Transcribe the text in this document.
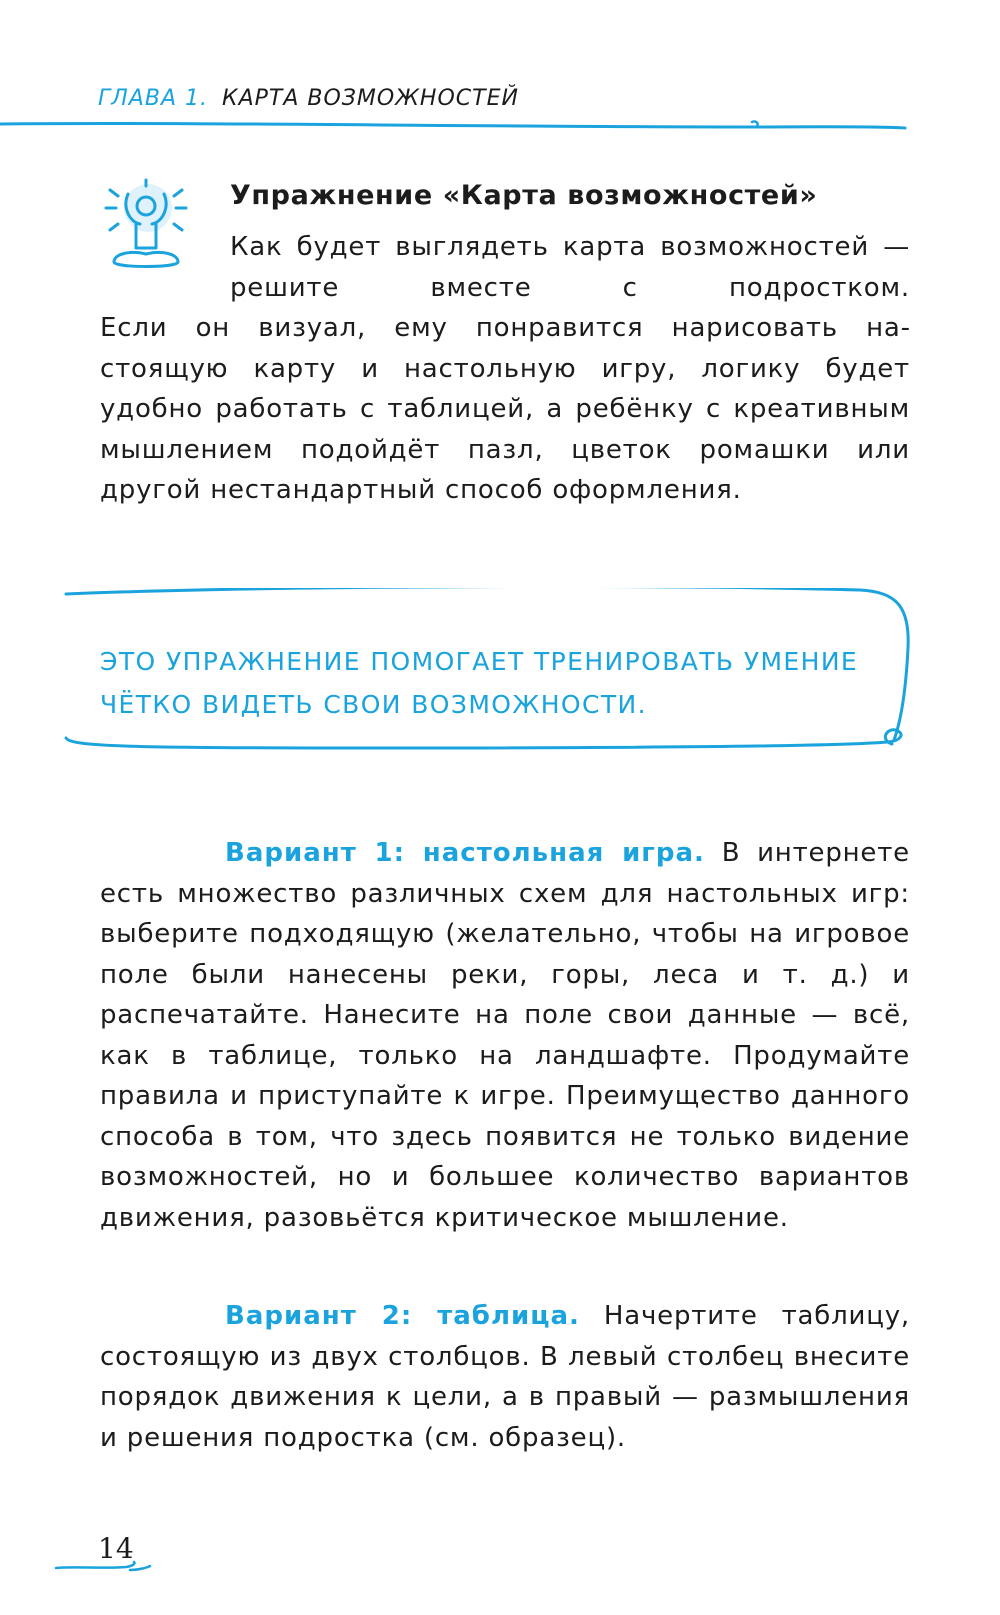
ГЛАВА 1. КАРТА ВОЗМОЖНОСТЕЙ
Упражнение «Карта возможностей»

Как будет выглядеть карта возможностей — решите вместе с подростком.

Если он визуал, ему понравится нарисовать настоящую карту и настольную игру, логику будет удобно работать с таблицей, а ребёнку с креативным мышлением подойдёт пазл, цветок ромашки или другой нестандартный способ оформления.

ЭТО УПРАЖНЕНИЕ ПОМОГАЕТ ТРЕНИРОВАТЬ УМЕНИЕ ЧЁТКО ВИДЕТЬ СВОИ ВОЗМОЖНОСТИ.

Вариант 1: настольная игра. В интернете есть множество различных схем для настольных игр: выберите подходящую (желательно, чтобы на игровое поле были нанесены реки, горы, леса и т. д.) и распечатайте. Нанесите на поле свои данные — всё, как в таблице, только на ландшафте. Продумайте правила и приступайте к игре. Преимущество данного способа в том, что здесь появится не только видение возможностей, но и большее количество вариантов движения, разовьётся критическое мышление.

Вариант 2: таблица. Начертите таблицу, состоящую из двух столбцов. В левый столбец внесите порядок движения к цели, а в правый — размышления и решения подростка (см. образец).

14
